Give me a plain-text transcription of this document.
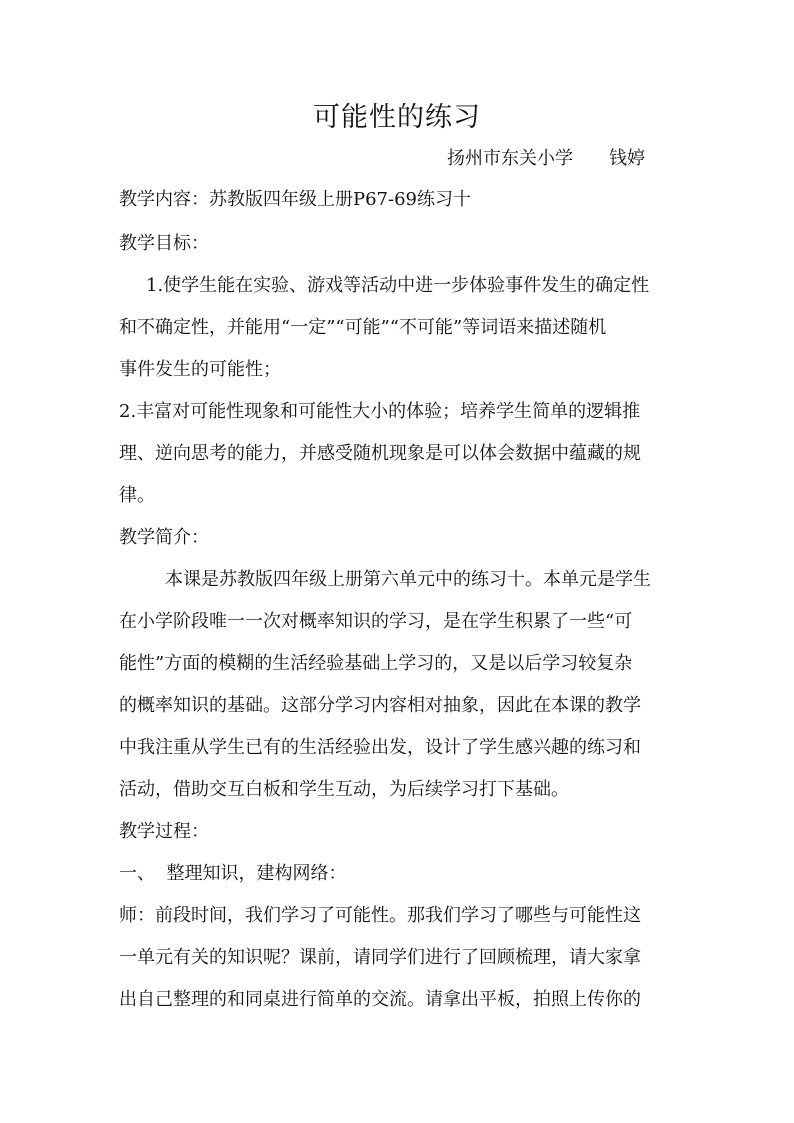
可能性的练习
扬州市东关小学 钱婷
教学内容：苏教版四年级上册P67-69练习十
教学目标：
1.使学生能在实验、游戏等活动中进一步体验事件发生的确定性
和不确定性，并能用“一定”“可能”“不可能”等词语来描述随机
事件发生的可能性；
2.丰富对可能性现象和可能性大小的体验；培养学生简单的逻辑推
理、逆向思考的能力，并感受随机现象是可以体会数据中蕴藏的规
律。
教学简介：
本课是苏教版四年级上册第六单元中的练习十。本单元是学生
在小学阶段唯一一次对概率知识的学习，是在学生积累了一些“可
能性”方面的模糊的生活经验基础上学习的，又是以后学习较复杂
的概率知识的基础。这部分学习内容相对抽象，因此在本课的教学
中我注重从学生已有的生活经验出发，设计了学生感兴趣的练习和
活动，借助交互白板和学生互动，为后续学习打下基础。
教学过程：
一、  整理知识，建构网络：
师：前段时间，我们学习了可能性。那我们学习了哪些与可能性这
一单元有关的知识呢？课前，请同学们进行了回顾梳理，请大家拿
出自己整理的和同桌进行简单的交流。请拿出平板，拍照上传你的
